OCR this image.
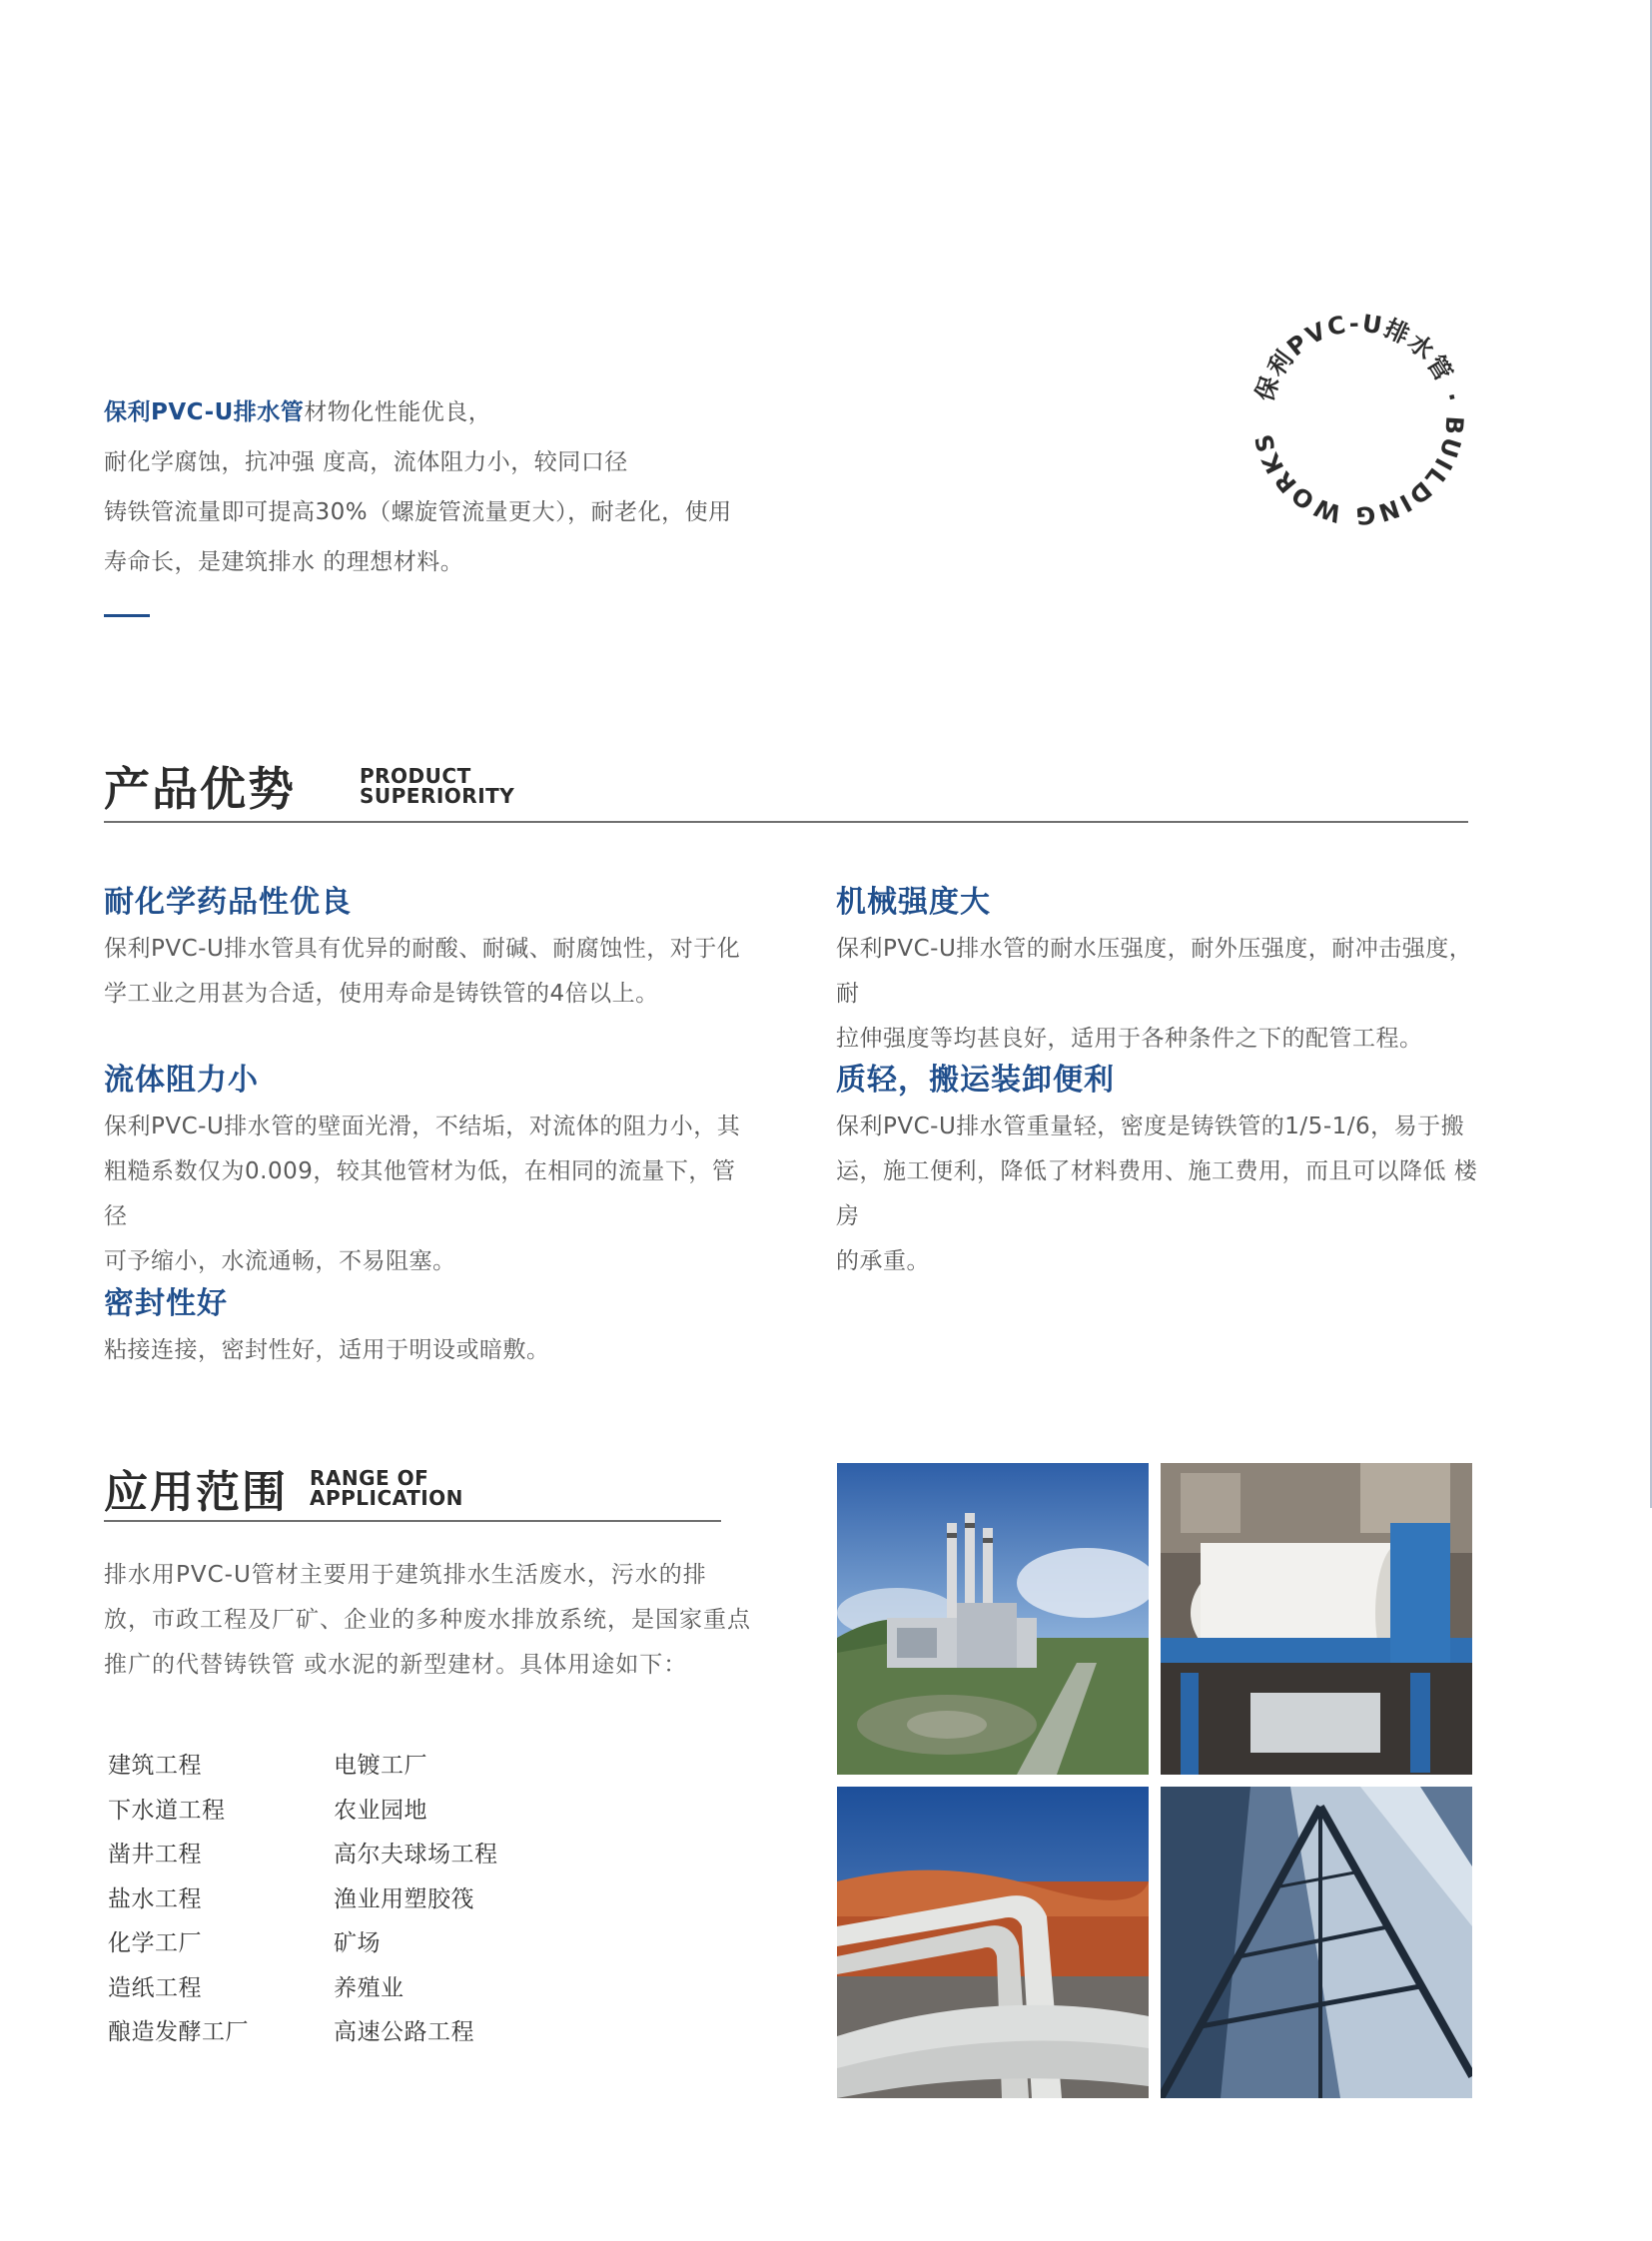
保利PVC-U排水管材物化性能优良，

耐化学腐蚀，抗冲强 度高，流体阻力小，较同口径

铸铁管流量即可提高30%（螺旋管流量更大），耐老化，使用

寿命长，是建筑排水 的理想材料。

保利PVC-U排水管 · BUILDING WORKS
产品优势	PRODUCT
SUPERIORITY
耐化学药品性优良

保利PVC-U排水管具有优异的耐酸、耐碱、耐腐蚀性，对于化
学工业之用甚为合适，使用寿命是铸铁管的4倍以上。

机械强度大

保利PVC-U排水管的耐水压强度，耐外压强度，耐冲击强度，耐
拉伸强度等均甚良好，适用于各种条件之下的配管工程。

流体阻力小

保利PVC-U排水管的壁面光滑，不结垢，对流体的阻力小，其
粗糙系数仅为0.009，较其他管材为低，在相同的流量下，管径
可予缩小，水流通畅，不易阻塞。

质轻，搬运装卸便利

保利PVC-U排水管重量轻，密度是铸铁管的1/5-1/6，易于搬
运，施工便利，降低了材料费用、施工费用，而且可以降低 楼房
的承重。

密封性好

粘接连接，密封性好，适用于明设或暗敷。

应用范围 RANGE OF
APPLICATION

排水用PVC-U管材主要用于建筑排水生活废水，污水的排

放，市政工程及厂矿、企业的多种废水排放系统，是国家重点

推广的代替铸铁管 或水泥的新型建材。具体用途如下：

建筑工程	电镀工厂
下水道工程	农业园地
凿井工程	高尔夫球场工程
盐水工程	渔业用塑胶筏
化学工厂	矿场
造纸工程	养殖业
酿造发酵工厂	高速公路工程
